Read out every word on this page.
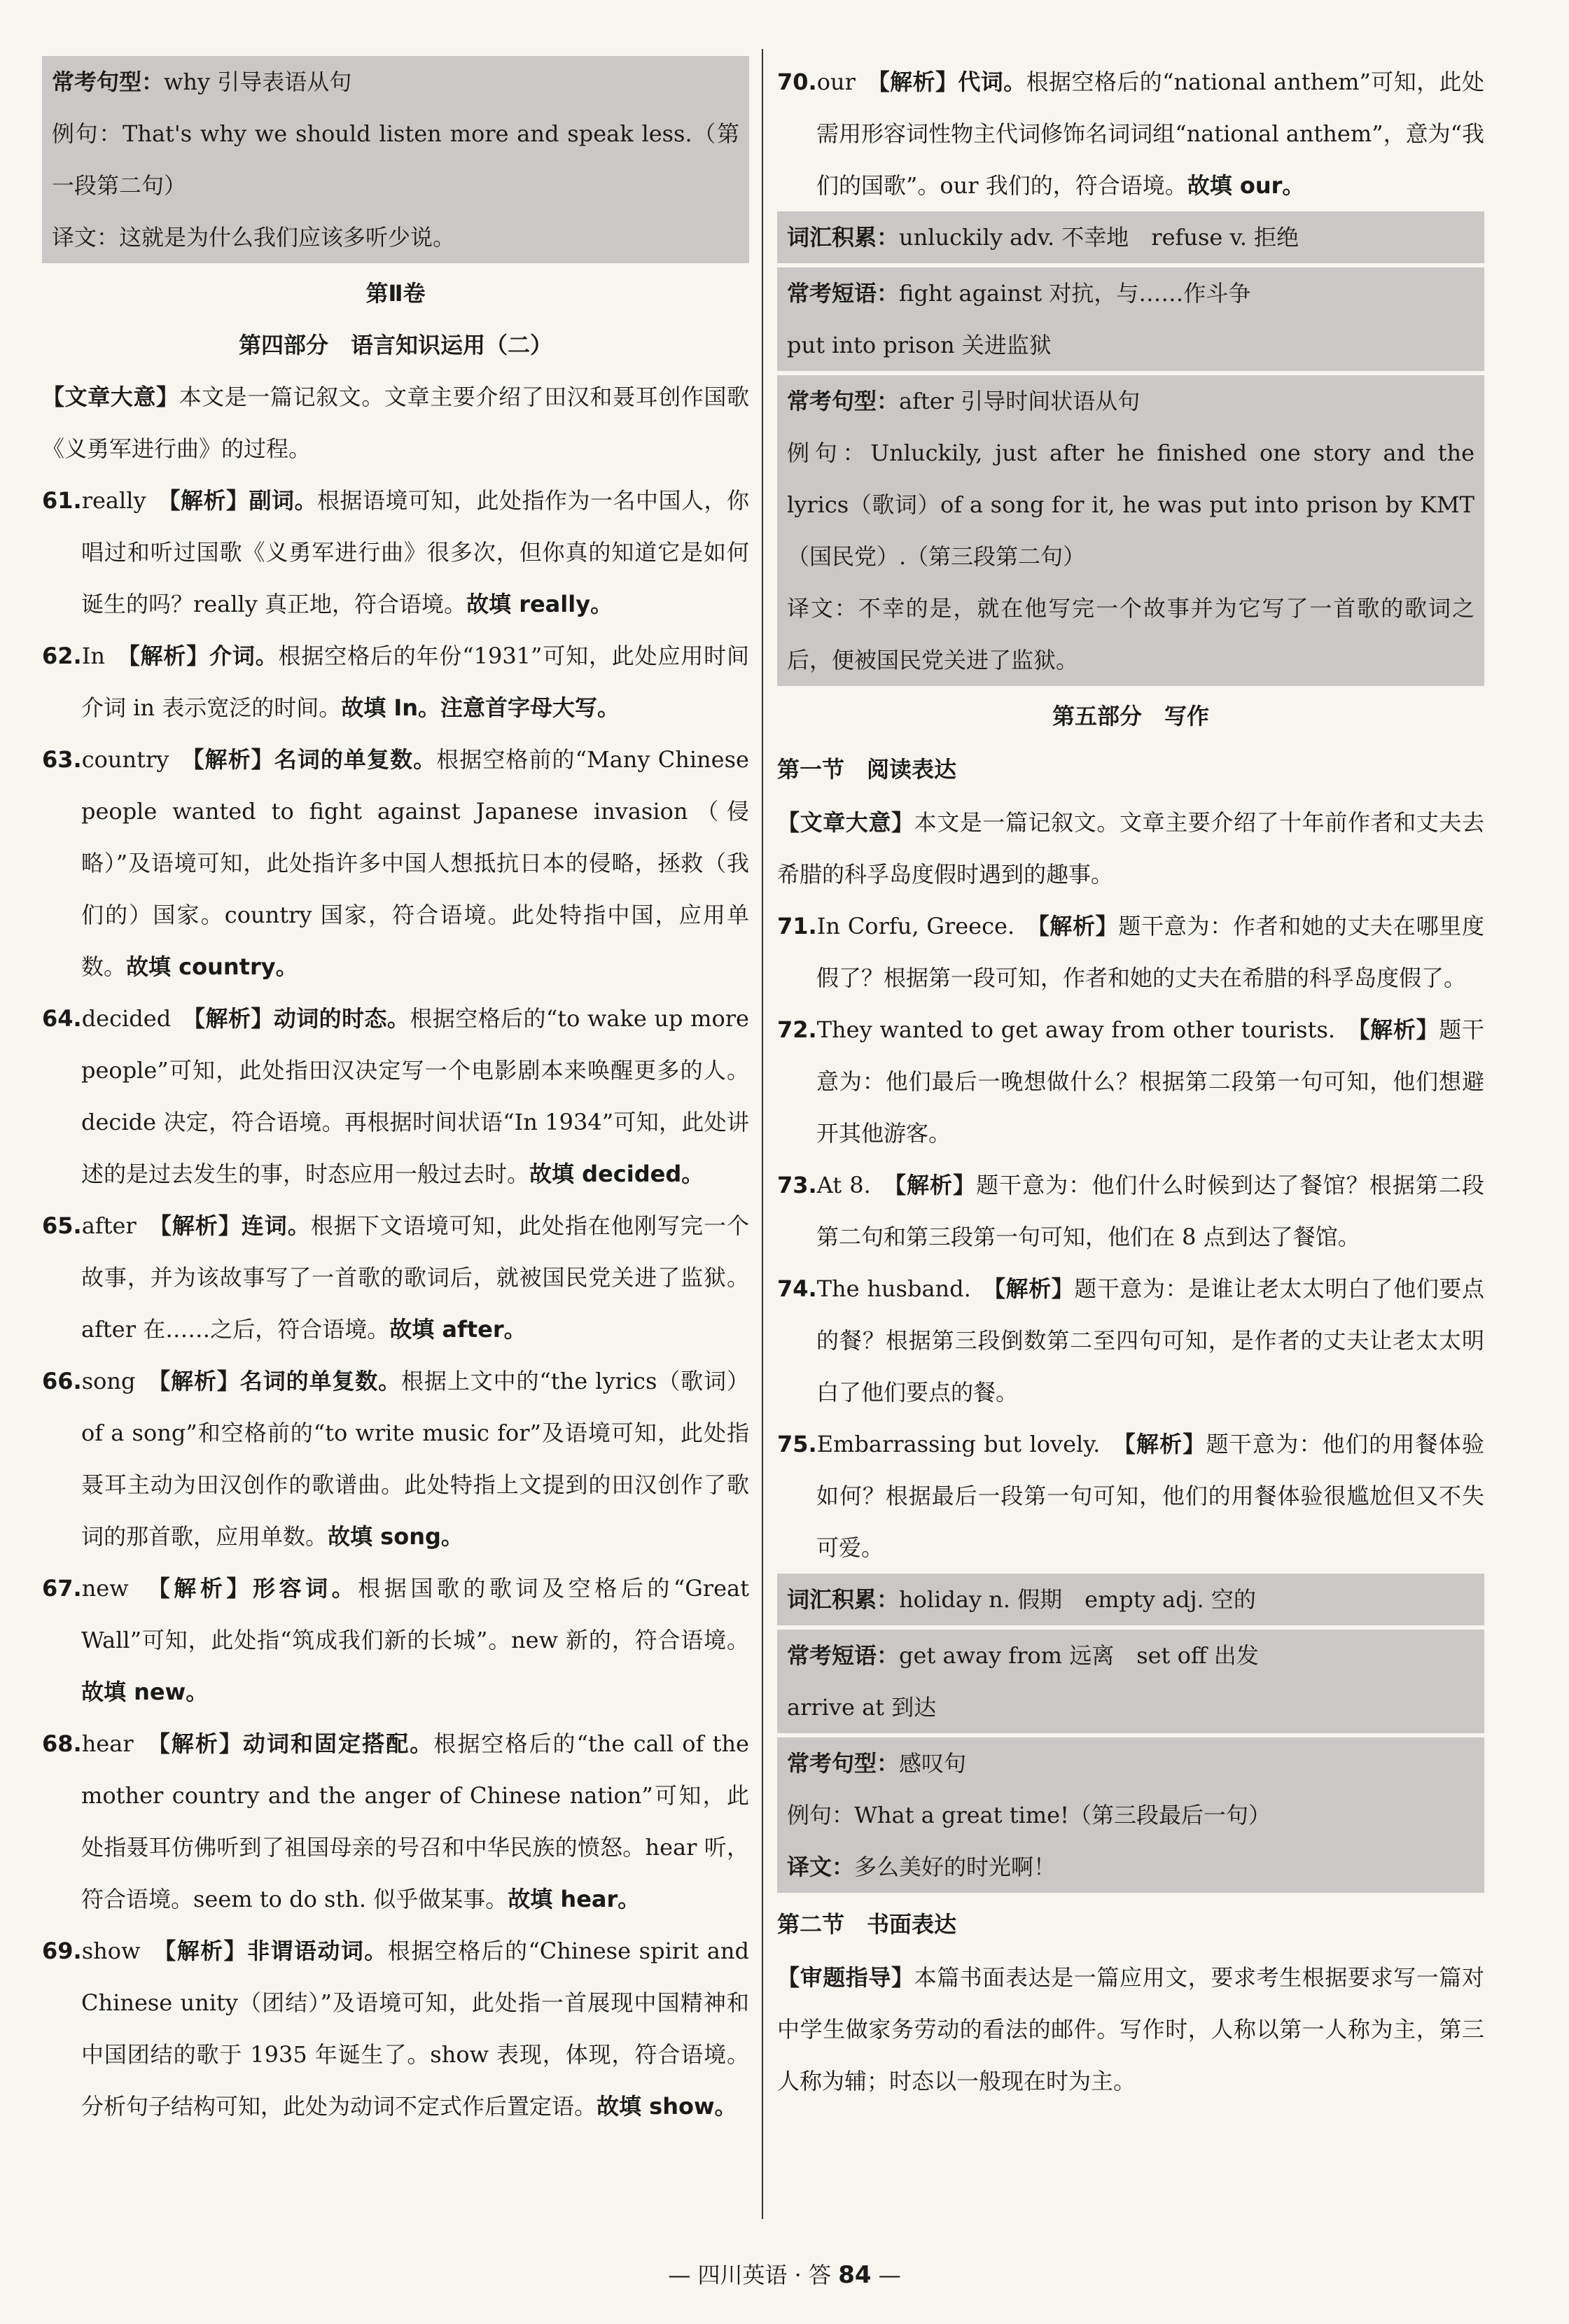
常考句型：why 引导表语从句

例句：That's why we should listen more and speak less.（第一段第二句）

译文：这就是为什么我们应该多听少说。

第Ⅱ卷

第四部分　语言知识运用（二）

【文章大意】本文是一篇记叙文。文章主要介绍了田汉和聂耳创作国歌《义勇军进行曲》的过程。

61.really　 【解析】副词。根据语境可知，此处指作为一名中国人，你唱过和听过国歌《义勇军进行曲》很多次，但你真的知道它是如何诞生的吗？really 真正地，符合语境。故填 really。

62.In　 【解析】介词。根据空格后的年份“1931”可知，此处应用时间介词 in 表示宽泛的时间。故填 In。注意首字母大写。

63.country　 【解析】名词的单复数。根据空格前的“Many Chinese people wanted to fight against Japanese invasion（侵略）”及语境可知，此处指许多中国人想抵抗日本的侵略，拯救（我们的）国家。country 国家，符合语境。此处特指中国，应用单数。故填 country。

64.decided　 【解析】动词的时态。根据空格后的“to wake up more people”可知，此处指田汉决定写一个电影剧本来唤醒更多的人。decide 决定，符合语境。再根据时间状语“In 1934”可知，此处讲述的是过去发生的事，时态应用一般过去时。故填 decided。

65.after　 【解析】连词。根据下文语境可知，此处指在他刚写完一个故事，并为该故事写了一首歌的歌词后，就被国民党关进了监狱。after 在……之后，符合语境。故填 after。

66.song　 【解析】名词的单复数。根据上文中的“the lyrics（歌词）of a song”和空格前的“to write music for”及语境可知，此处指聂耳主动为田汉创作的歌谱曲。此处特指上文提到的田汉创作了歌词的那首歌，应用单数。故填 song。

67.new　 【解析】形容词。根据国歌的歌词及空格后的“Great Wall”可知，此处指“筑成我们新的长城”。new 新的，符合语境。故填 new。

68.hear　 【解析】动词和固定搭配。根据空格后的“the call of the mother country and the anger of Chinese nation”可知，此处指聂耳仿佛听到了祖国母亲的号召和中华民族的愤怒。hear 听，符合语境。seem to do sth. 似乎做某事。故填 hear。

69.show　 【解析】非谓语动词。根据空格后的“Chinese spirit and Chinese unity（团结）”及语境可知，此处指一首展现中国精神和中国团结的歌于 1935 年诞生了。show 表现，体现，符合语境。分析句子结构可知，此处为动词不定式作后置定语。故填 show。

70.our　 【解析】代词。根据空格后的“national anthem”可知，此处需用形容词性物主代词修饰名词词组“national anthem”，意为“我们的国歌”。our 我们的，符合语境。故填 our。

词汇积累：unluckily adv. 不幸地　refuse v. 拒绝

常考短语：fight against 对抗，与……作斗争

put into prison 关进监狱

常考句型：after 引导时间状语从句

例句：Unluckily, just after he finished one story and the lyrics（歌词）of a song for it, he was put into prison by KMT（国民党）.（第三段第二句）

译文：不幸的是，就在他写完一个故事并为它写了一首歌的歌词之后，便被国民党关进了监狱。

第五部分　写作

第一节　阅读表达

【文章大意】本文是一篇记叙文。文章主要介绍了十年前作者和丈夫去希腊的科孚岛度假时遇到的趣事。

71.In Corfu, Greece.　 【解析】题干意为：作者和她的丈夫在哪里度假了？根据第一段可知，作者和她的丈夫在希腊的科孚岛度假了。

72.They wanted to get away from other tourists.　 【解析】题干意为：他们最后一晚想做什么？根据第二段第一句可知，他们想避开其他游客。

73.At 8.　 【解析】题干意为：他们什么时候到达了餐馆？根据第二段第二句和第三段第一句可知，他们在 8 点到达了餐馆。

74.The husband.　 【解析】题干意为：是谁让老太太明白了他们要点的餐？根据第三段倒数第二至四句可知，是作者的丈夫让老太太明白了他们要点的餐。

75.Embarrassing but lovely.　 【解析】题干意为：他们的用餐体验如何？根据最后一段第一句可知，他们的用餐体验很尴尬但又不失可爱。

词汇积累：holiday n. 假期　empty adj. 空的

常考短语：get away from 远离　set off 出发

arrive at 到达

常考句型：感叹句

例句：What a great time!（第三段最后一句）

译文：多么美好的时光啊！

第二节　书面表达

【审题指导】本篇书面表达是一篇应用文，要求考生根据要求写一篇对中学生做家务劳动的看法的邮件。写作时，人称以第一人称为主，第三人称为辅；时态以一般现在时为主。

— 四川英语 · 答 84 —
